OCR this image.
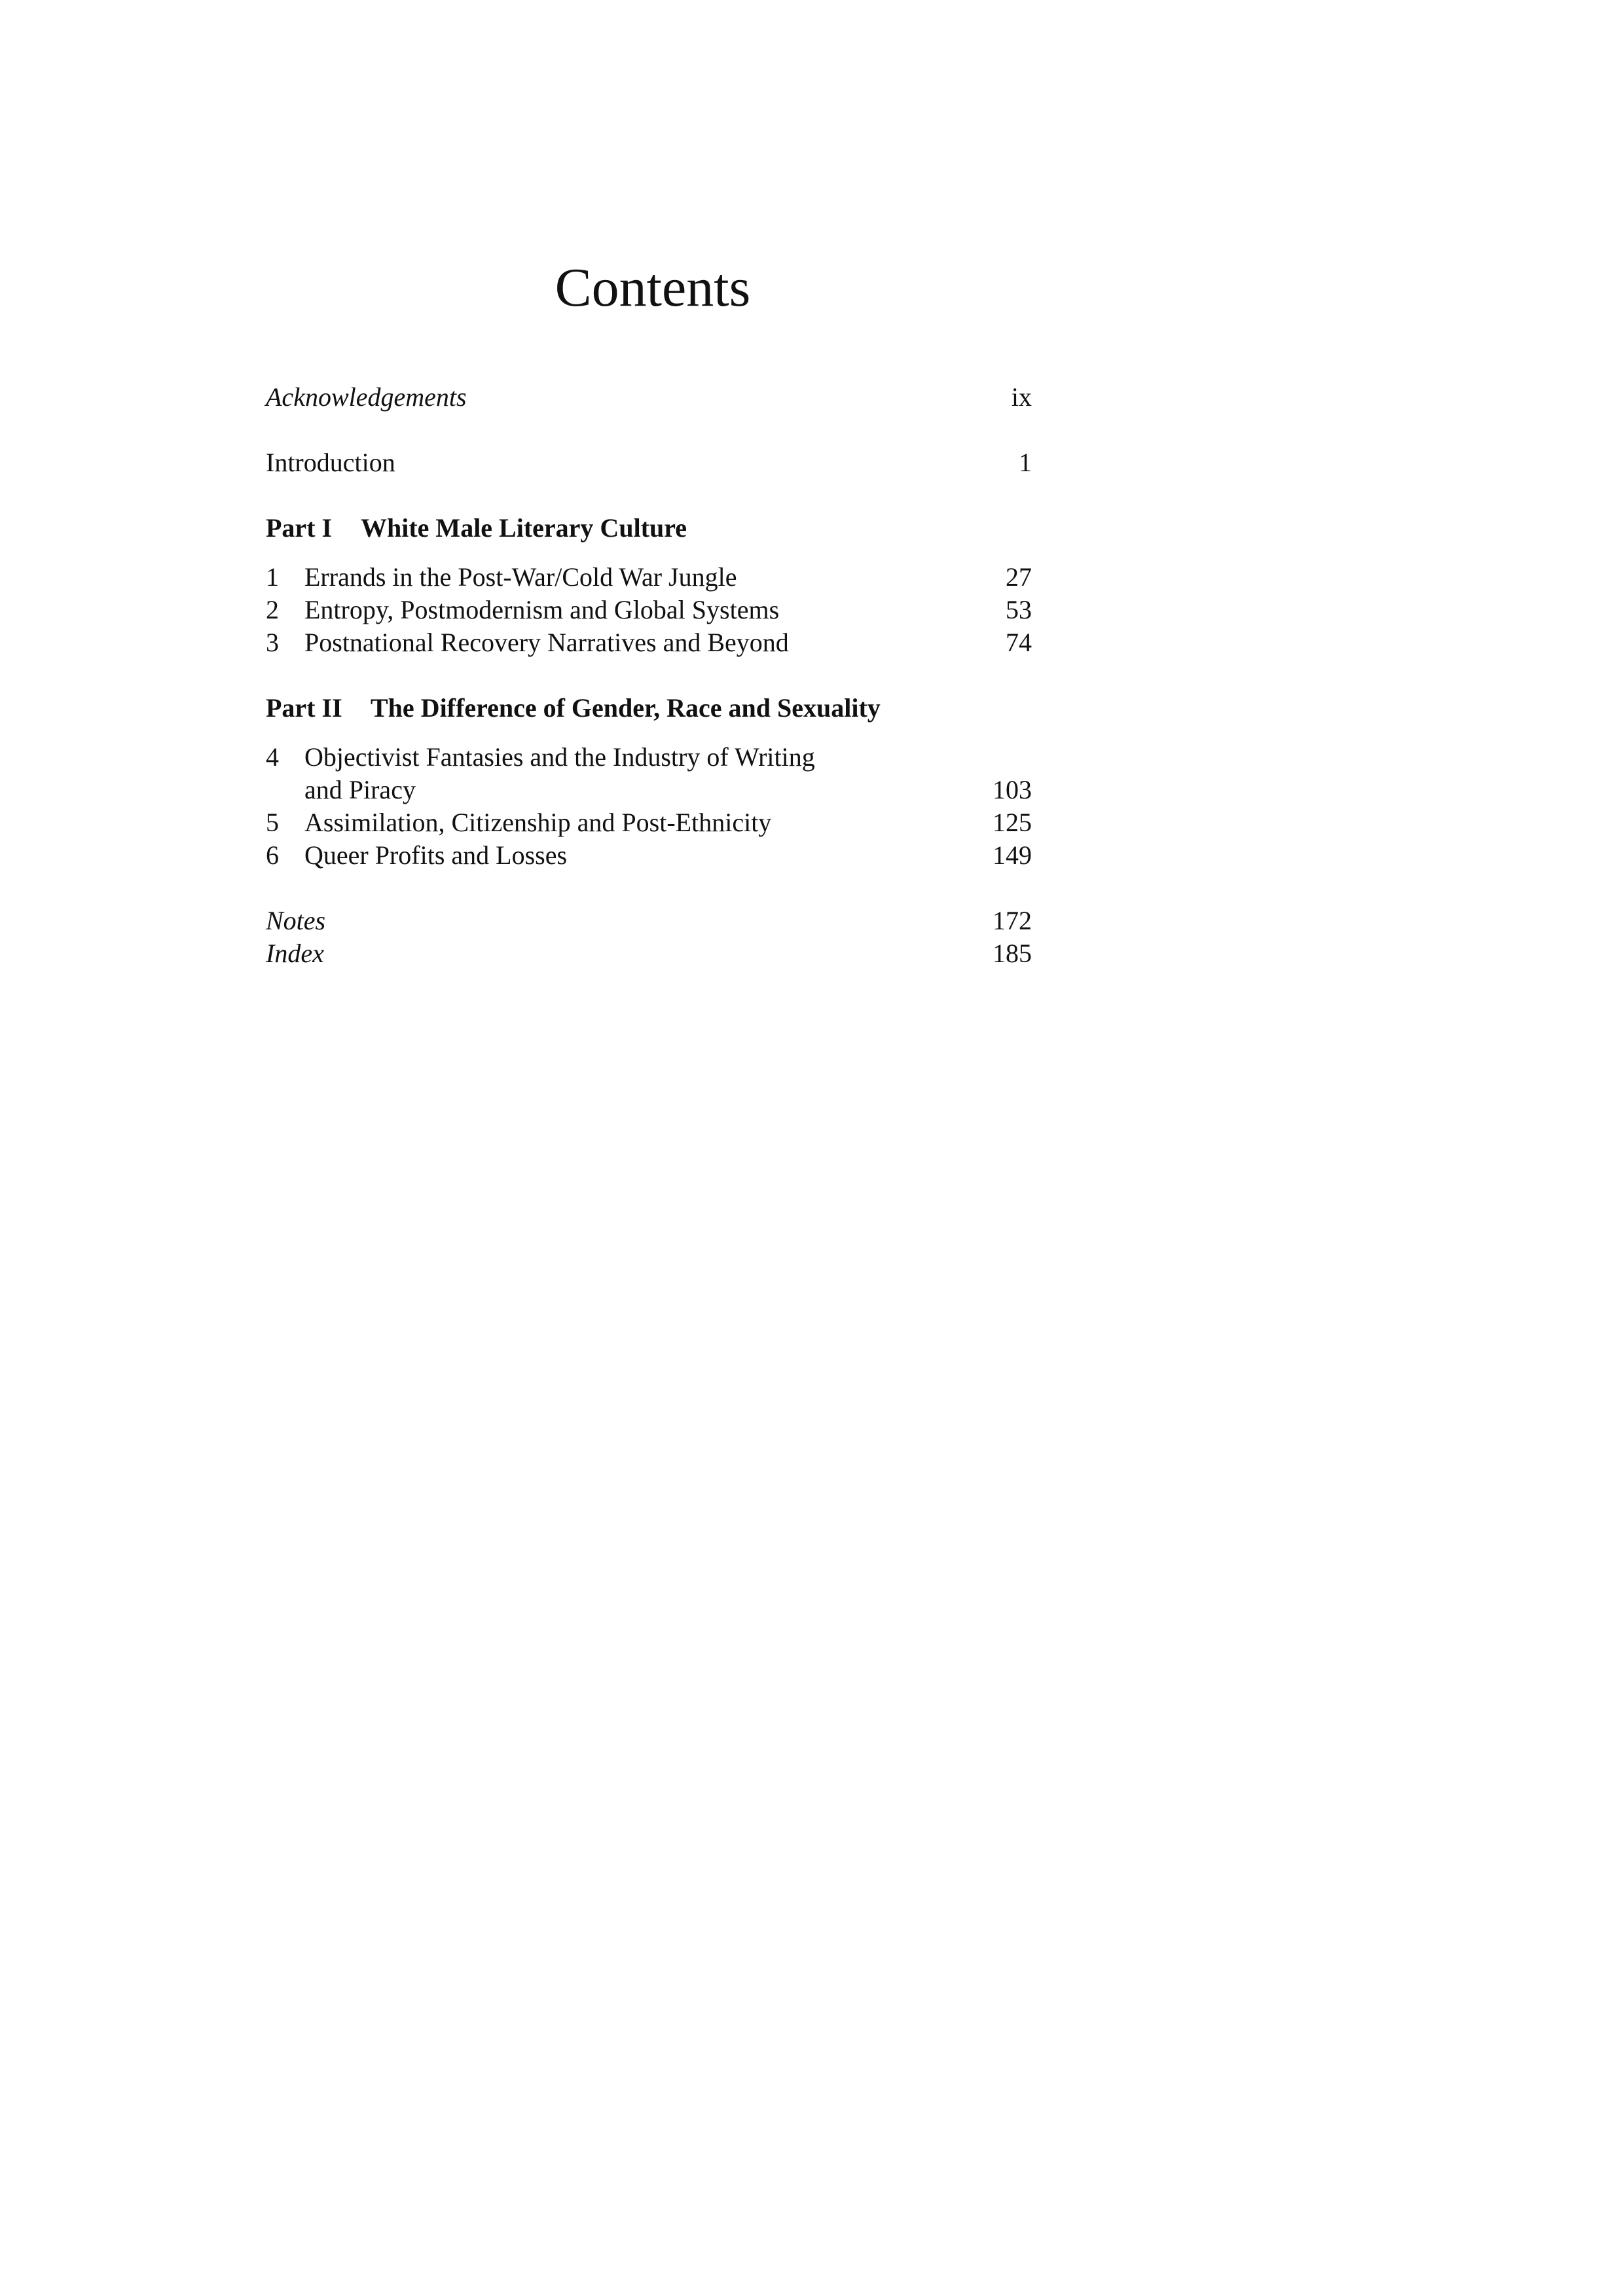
Contents
Acknowledgements	ix
Introduction	1
Part I White Male Literary Culture
1 Errands in the Post-War/Cold War Jungle	27
2 Entropy, Postmodernism and Global Systems	53
3 Postnational Recovery Narratives and Beyond	74
Part II The Difference of Gender, Race and Sexuality
4 Objectivist Fantasies and the Industry of Writing
and Piracy	103
5 Assimilation, Citizenship and Post-Ethnicity	125
6 Queer Profits and Losses	149
Notes	172
Index	185
